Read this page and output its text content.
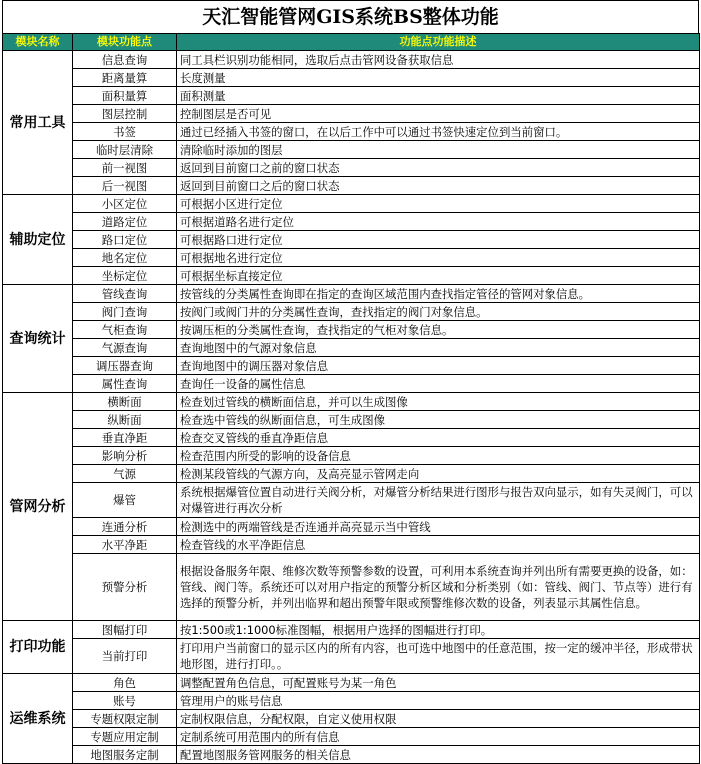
天汇智能管网GIS系统BS整体功能
模块名称	模块功能点	功能点功能描述
常用工具	信息查询	同工具栏识别功能相同，选取后点击管网设备获取信息
	距离量算	长度测量
	面积量算	面积测量
	图层控制	控制图层是否可见
	书签	通过已经插入书签的窗口，在以后工作中可以通过书签快速定位到当前窗口。
	临时层清除	清除临时添加的图层
	前一视图	返回到目前窗口之前的窗口状态
	后一视图	返回到目前窗口之后的窗口状态
辅助定位	小区定位	可根据小区进行定位
	道路定位	可根据道路名进行定位
	路口定位	可根据路口进行定位
	地名定位	可根据地名进行定位
	坐标定位	可根据坐标直接定位
查询统计	管线查询	按管线的分类属性查询即在指定的查询区域范围内查找指定管径的管网对象信息。
	阀门查询	按阀门或阀门井的分类属性查询，查找指定的阀门对象信息。
	气柜查询	按调压柜的分类属性查询，查找指定的气柜对象信息。
	气源查询	查询地图中的气源对象信息
	调压器查询	查询地图中的调压器对象信息
	属性查询	查询任一设备的属性信息
管网分析	横断面	检查划过管线的横断面信息，并可以生成图像
	纵断面	检查选中管线的纵断面信息，可生成图像
	垂直净距	检查交叉管线的垂直净距信息
	影响分析	检查范围内所受的影响的设备信息
	气源	检测某段管线的气源方向，及高亮显示管网走向
	爆管	系统根据爆管位置自动进行关阀分析，对爆管分析结果进行图形与报告双向显示，如有失灵阀门，可以对爆管进行再次分析
	连通分析	检测选中的两端管线是否连通并高亮显示当中管线
	水平净距	检查管线的水平净距信息
	预警分析	根据设备服务年限、维修次数等预警参数的设置，可利用本系统查询并列出所有需要更换的设备，如：管线、阀门等。系统还可以对用户指定的预警分析区域和分析类别（如：管线、阀门、节点等）进行有选择的预警分析，并列出临界和超出预警年限或预警维修次数的设备，列表显示其属性信息。
打印功能	图幅打印	按1:500或1:1000标准图幅，根据用户选择的图幅进行打印。
	当前打印	打印用户当前窗口的显示区内的所有内容，也可选中地图中的任意范围，按一定的缓冲半径，形成带状地形图，进行打印。。
运维系统	角色	调整配置角色信息，可配置账号为某一角色
	账号	管理用户的账号信息
	专题权限定制	定制权限信息，分配权限，自定义使用权限
	专题应用定制	定制系统可用范围内的所有信息
	地图服务定制	配置地图服务管网服务的相关信息
